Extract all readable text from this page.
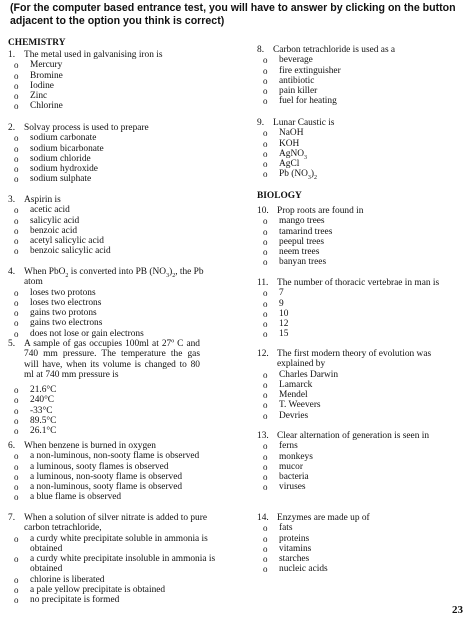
(For the computer based entrance test, you will have to answer by clicking on the button adjacent to the option you think is correct)
CHEMISTRY
1. The metal used in galvanising iron is
o Mercury
o Bromine
o Iodine
o Zinc
o Chlorine
2. Solvay process is used to prepare
o sodium carbonate
o sodium bicarbonate
o sodium chloride
o sodium hydroxide
o sodium sulphate
3. Aspirin is
o acetic acid
o salicylic acid
o benzoic acid
o acetyl salicylic acid
o benzoic salicylic acid
4. When PbO$_2$ is converted into PB $(NO_3)_2$, the Pb atom
o loses two protons
o loses two electrons
o gains two protons
o gains two electrons
o does not lose or gain electrons
5. A sample of gas occupies 100ml at 27º C and 740 mm pressure. The temperature the gas will have, when its volume is changed to 80 ml at 740 mm pressure is
o 21.6°C
o 240°C
o -33°C
o 89.5°C
o 26.1°C
6. When benzene is burned in oxygen
o a non-luminous, non-sooty flame is observed
o a luminous, sooty flames is observed
o a luminous, non-sooty flame is observed
o a non-luminous, sooty flame is observed
o a blue flame is observed
7. When a solution of silver nitrate is added to pure carbon tetrachloride,
o a curdy white precipitate soluble in ammonia is obtained
o a curdy white precipitate insoluble in ammonia is obtained
o chlorine is liberated
o a pale yellow precipitate is obtained
o no precipitate is formed
8. Carbon tetrachloride is used as a
o beverage
o fire extinguisher
o antibiotic
o pain killer
o fuel for heating
9. Lunar Caustic is
o NaOH
o KOH
o AgNO$_3$
o AgCl
o Pb $(NO_3)_2$
BIOLOGY
10. Prop roots are found in
o mango trees
o tamarind trees
o peepul trees
o neem trees
o banyan trees
11. The number of thoracic vertebrae in man is
o 7
o 9
o 10
o 12
o 15
12. The first modern theory of evolution was explained by
o Charles Darwin
o Lamarck
o Mendel
o T. Weevers
o Devries
13. Clear alternation of generation is seen in
o ferns
o monkeys
o mucor
o bacteria
o viruses
14. Enzymes are made up of
o fats
o proteins
o vitamins
o starches
o nucleic acids
23
